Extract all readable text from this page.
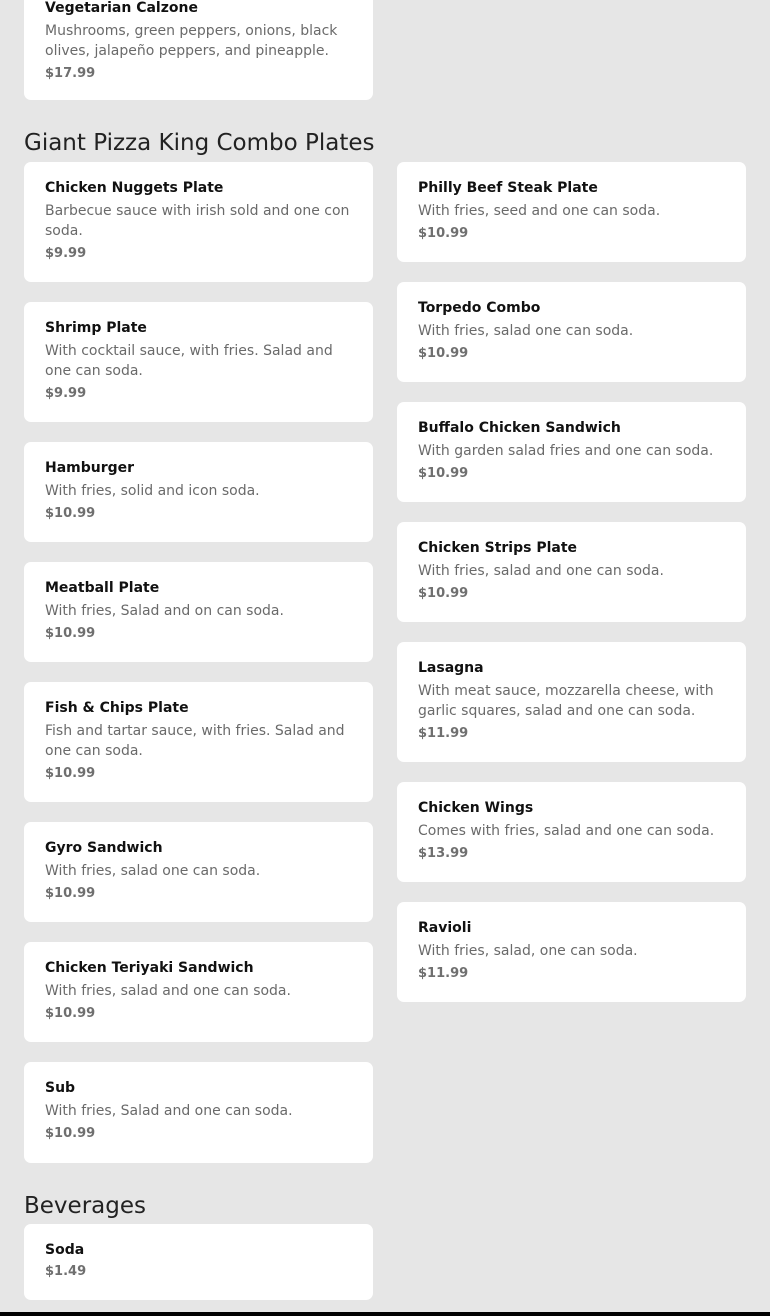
Vegetarian Calzone
Mushrooms, green peppers, onions, black olives, jalapeño peppers, and pineapple.
$17.99
Giant Pizza King Combo Plates
Chicken Nuggets Plate
Barbecue sauce with irish sold and one con soda.
$9.99
Shrimp Plate
With cocktail sauce, with fries. Salad and one can soda.
$9.99
Hamburger
With fries, solid and icon soda.
$10.99
Meatball Plate
With fries, Salad and on can soda.
$10.99
Fish & Chips Plate
Fish and tartar sauce, with fries. Salad and one can soda.
$10.99
Gyro Sandwich
With fries, salad one can soda.
$10.99
Chicken Teriyaki Sandwich
With fries, salad and one can soda.
$10.99
Sub
With fries, Salad and one can soda.
$10.99
Philly Beef Steak Plate
With fries, seed and one can soda.
$10.99
Torpedo Combo
With fries, salad one can soda.
$10.99
Buffalo Chicken Sandwich
With garden salad fries and one can soda.
$10.99
Chicken Strips Plate
With fries, salad and one can soda.
$10.99
Lasagna
With meat sauce, mozzarella cheese, with garlic squares, salad and one can soda.
$11.99
Chicken Wings
Comes with fries, salad and one can soda.
$13.99
Ravioli
With fries, salad, one can soda.
$11.99
Beverages
Soda
$1.49
